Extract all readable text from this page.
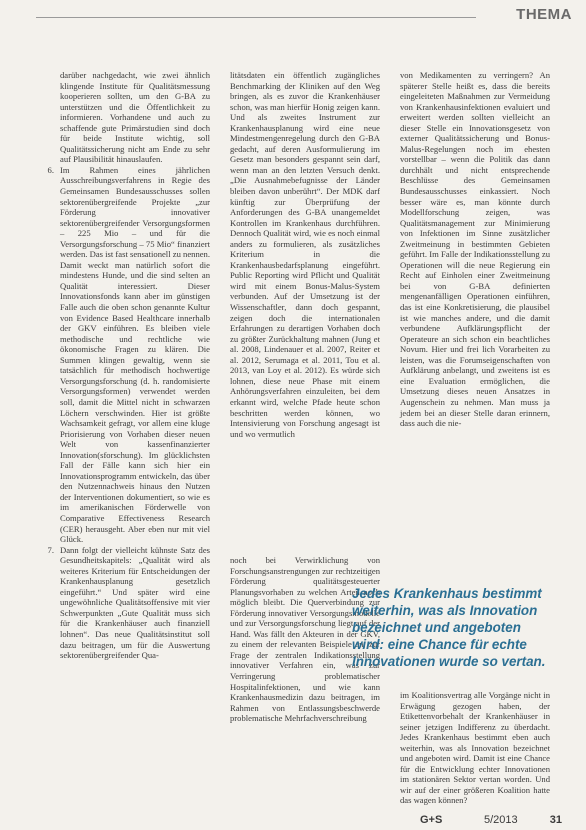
THEMA

darüber nachgedacht, wie zwei ähnlich klingende Institute für Qualitätsmessung kooperieren sollten, um den G-BA zu unterstützen und die Öffentlichkeit zu informieren. Vorhandene und auch zu schaffende gute Primärstudien sind doch für beide Institute wichtig, soll Qualitätssicherung nicht am Ende zu sehr auf Plausibilität hinauslaufen.

6. Im Rahmen eines jährlichen Ausschreibungsverfahrens in Regie des Gemeinsamen Bundesausschusses sollen sektorenübergreifende Projekte „zur Förderung innovativer sektorenübergreifender Versorgungsformen – 225 Mio – und für die Versorgungsforschung – 75 Mio“ finanziert werden. Das ist fast sensationell zu nennen. Damit weckt man natürlich sofort die mindestens Hunde, und die sind selten an Qualität interessiert. Dieser Innovationsfonds kann aber im günstigen Falle auch die oben schon genannte Kultur von Evidence Based Healthcare innerhalb der GKV einführen. Es bleiben viele methodische und rechtliche wie ökonomische Fragen zu klären. Die Summen klingen gewaltig, wenn sie tatsächlich für methodisch hochwertige Versorgungsforschung (d. h. randomisierte Versorgungsformen) verwendet werden soll, damit die Mittel nicht in schwarzen Löchern verschwinden. Hier ist größte Wachsamkeit gefragt, vor allem eine kluge Priorisierung von Vorhaben dieser neuen Welt von kassenfinanzierter Innovation(sforschung). Im glücklichsten Fall der Fälle kann sich hier ein Innovationsprogramm entwickeln, das über den Nutzennachweis hinaus den Nutzen der Interventionen dokumentiert, so wie es im amerikanischen Förderwelle von Comparative Effectiveness Research (CER) herausgeht. Aber eben nur mit viel Glück.

7. Dann folgt der vielleicht kühnste Satz des Gesundheitskapitels: „Qualität wird als weiteres Kriterium für Entscheidungen der Krankenhausplanung gesetzlich eingeführt.“ Und später wird eine ungewöhnliche Qualitätsoffensive mit vier Schwerpunkten „Gute Qualität muss sich für die Krankenhäuser auch finanziell lohnen“. Das neue Qualitätsinstitut soll dazu beitragen, um für die Auswertung sektorenübergreifender Qua-

litätsdaten ein öffentlich zugängliches Benchmarking der Kliniken auf den Weg bringen, als es zuvor die Krankenhäuser schon, was man hierfür Honig zeigen kann. Und als zweites Instrument zur Krankenhausplanung wird eine neue Mindestmengenregelung durch den G-BA gedacht, auf deren Ausformulierung im Gesetz man besonders gespannt sein darf, wenn man an den letzten Versuch denkt. „Die Ausnahmebefugnisse der Länder bleiben davon unberührt“. Der MDK darf künftig zur Überprüfung der Anforderungen des G-BA unangemeldet Kontrollen im Krankenhaus durchführen. Dennoch Qualität wird, wie es noch einmal anders zu formulieren, als zusätzliches Kriterium in die Krankenhausbedarfsplanung eingeführt. Public Reporting wird Pflicht und Qualität wird mit einem Bonus-Malus-System verbunden. Auf der Umsetzung ist der Wissenschaftler, dann doch gespannt, zeigen doch die internationalen Erfahrungen zu derartigen Vorhaben doch zu größter Zurückhaltung mahnen (Jung et al. 2008, Lindenauer et al. 2007, Reiter et al. 2012, Serumaga et al. 2011, Tou et al. 2013, van Loy et al. 2012). Es würde sich lohnen, diese neue Phase mit einem Anhörungsverfahren einzuleiten, bei dem erkannt wird, welche Pfade heute schon beschritten werden können, wo Intensivierung von Forschung angesagt ist und wo vermutlich

noch bei Verwirklichung von Forschungsanstrengungen zur rechtzeitigen Förderung qualitätsgesteuerter Planungsvorhaben zu welchen Arten noch möglich bleibt. Die Querverbindung zur Förderung innovativer Versorgungsmodelle und zur Versorgungsforschung liegt auf der Hand. Was fällt den Akteuren in der GKV, zu einem der relevanten Beispiele an, zur Frage der zentralen Indikationsstellung innovativer Verfahren ein, was zur Verringerung problematischer Hospitalinfektionen, und wie kann Krankenhausmedizin dazu beitragen, im Rahmen von Entlassungsbeschwerde problematische Mehrfachverschreibung

von Medikamenten zu verringern? An späterer Stelle heißt es, dass die bereits eingeleiteten Maßnahmen zur Vermeidung von Krankenhausinfektionen evaluiert und erweitert werden sollten vielleicht an dieser Stelle ein Innovationsgesetz von externer Qualitätssicherung und Bonus-Malus-Regelungen noch im ehesten vorstellbar – wenn die Politik das dann durchhält und nicht entsprechende Beschlüsse des Gemeinsamen Bundesausschusses einkassiert. Noch besser wäre es, man könnte durch Modellforschung zeigen, was Qualitätsmanagement zur Minimierung von Infektionen im Sinne zusätzlicher Zweitmeinung in bestimmten Gebieten geführt. Im Falle der Indikationsstellung zu Operationen will die neue Regierung ein Recht auf Einholen einer Zweitmeinung bei von G-BA definierten mengenanfälligen Operationen einführen, das ist eine Konkretisierung, die plausibel ist wie manches andere, und die damit verbundene Aufklärungspflicht der Operateure an sich schon ein beachtliches Novum. Hier und frei lich Vorarbeiten zu leisten, was die Forumseigenschaften von Aufklärung anbelangt, und zweitens ist es eine Evaluation ermöglichen, die Umsetzung dieses neuen Ansatzes in Augenschein zu nehmen. Man muss ja jedem bei an dieser Stelle daran erinnern, dass auch die nie-

im Koalitionsvertrag alle Vorgänge nicht in Erwägung gezogen haben, der Etikettenvorbehalt der Krankenhäuser in seiner jetzigen Indifferenz zu überdacht. Jedes Krankenhaus bestimmt eben auch weiterhin, was als Innovation bezeichnet und angeboten wird. Damit ist eine Chance für die Entwicklung echter Innovationen im stationären Sektor vertan worden. Und wir auf der einer größeren Koalition hatte das wagen können?

Jedes Krankenhaus bestimmt
weiterhin, was als Innovation
bezeichnet und angeboten
wird: eine Chance für echte
Innovationen wurde so vertan.
G+S	5/2013	31
